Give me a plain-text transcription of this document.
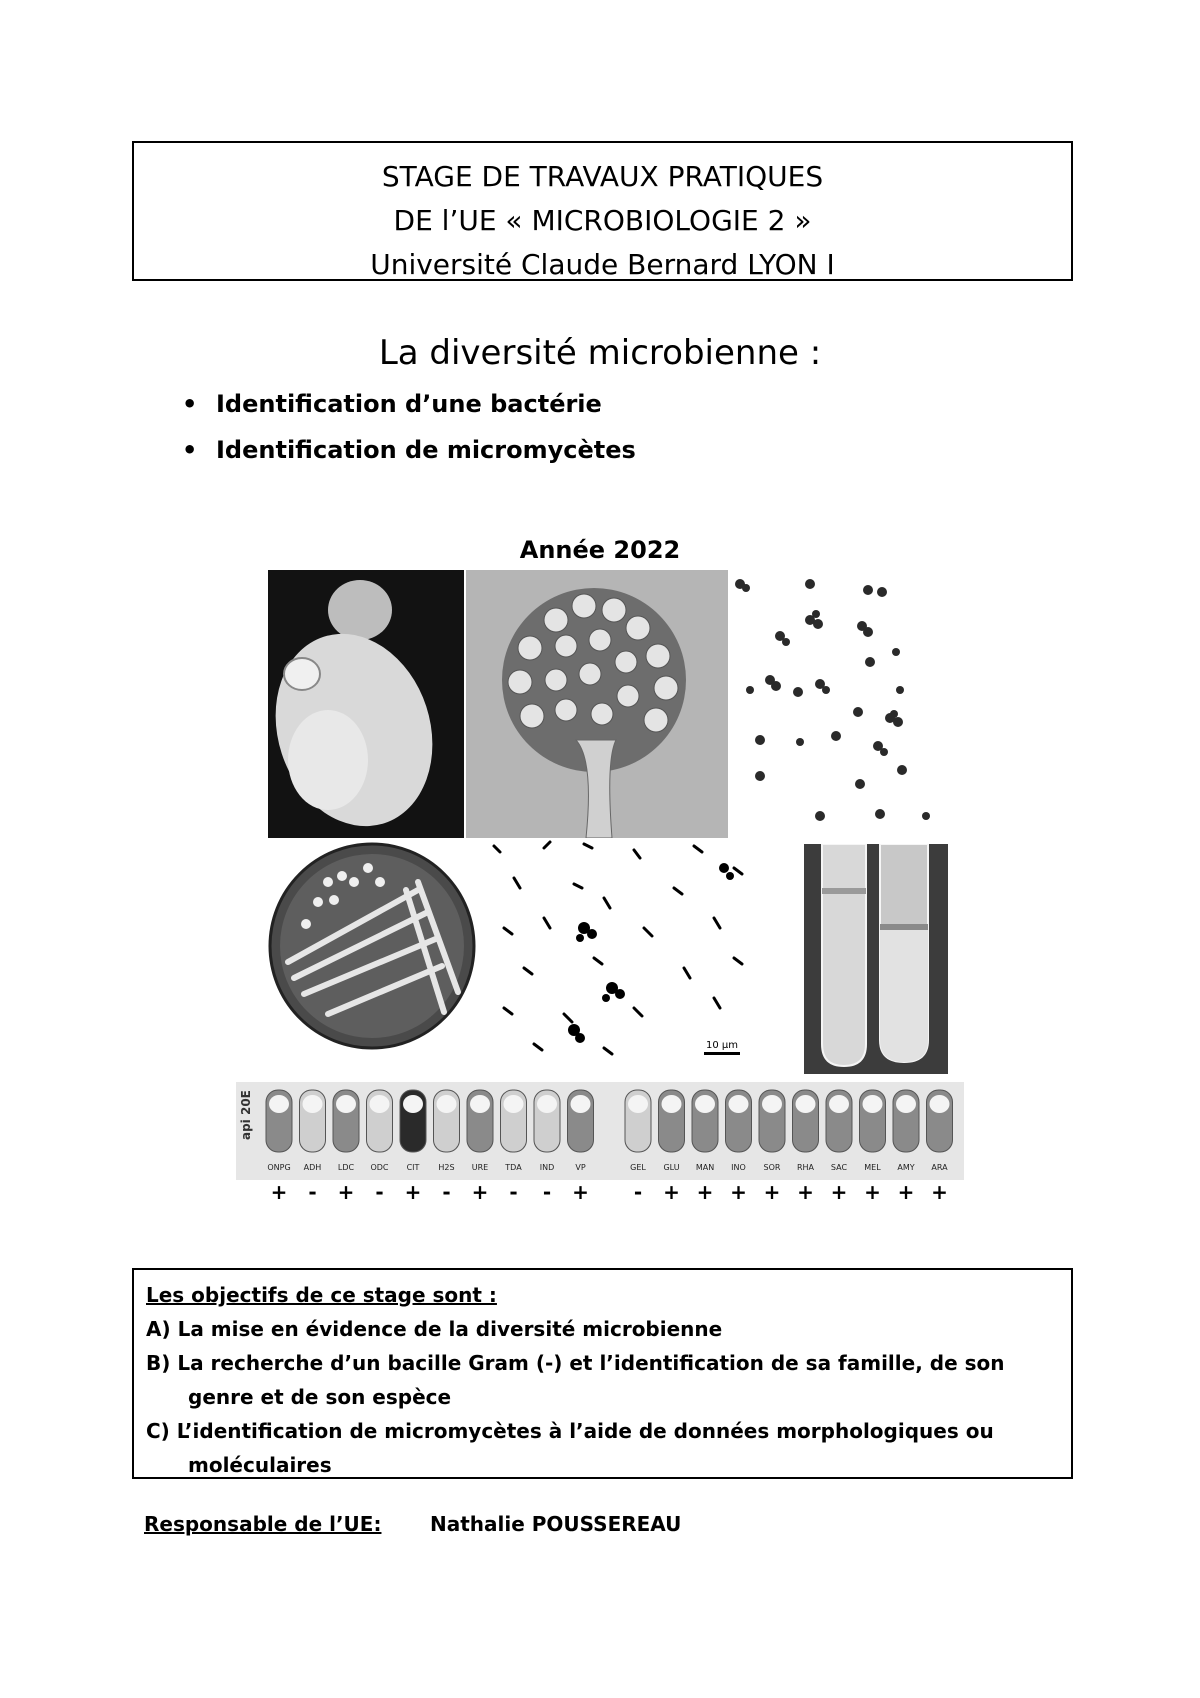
STAGE DE TRAVAUX PRATIQUES
DE l’UE « MICROBIOLOGIE 2 »
Université Claude Bernard LYON I
La diversité microbienne :
• Identification d’une bactérie
• Identification de micromycètes
Année 2022
10 µm
api 20E
ONPG ADH LDC ODC CIT H2S URE TDA IND	VP	GEL GLU MAN INO SOR RHA SAC MEL AMY ARA
+ - + - + - + - - + - + + + + + + + + +
Les objectifs de ce stage sont :
A) La mise en évidence de la diversité microbienne
B) La recherche d’un bacille Gram (-) et l’identification de sa famille, de son
genre et de son espèce
C) L’identification de micromycètes à l’aide de données morphologiques ou
moléculaires
Responsable de l’UE: Nathalie POUSSEREAU
